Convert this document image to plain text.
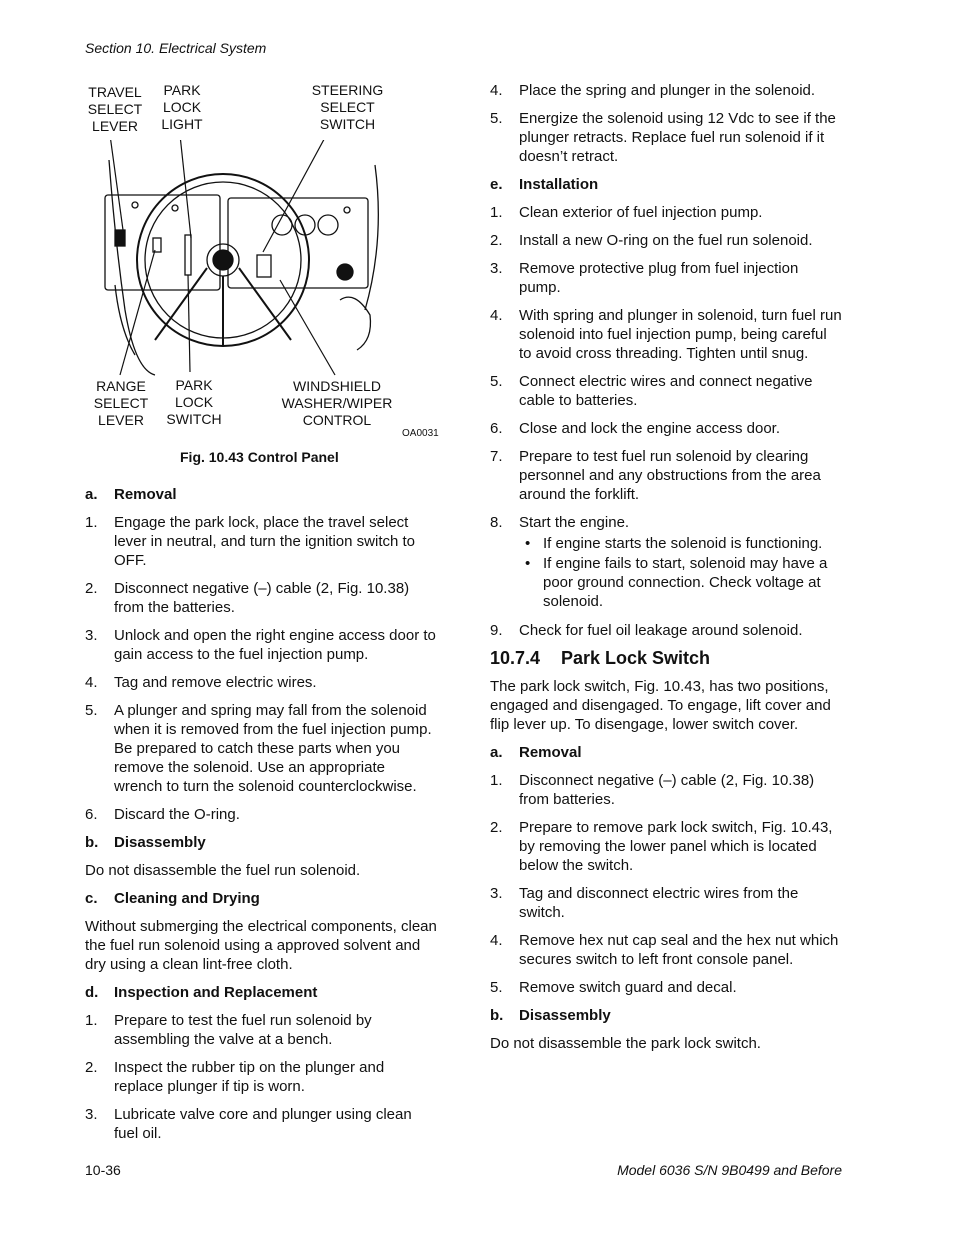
Section 10. Electrical System
TRAVEL
SELECT
LEVER
PARK
LOCK
LIGHT
STEERING
SELECT
SWITCH
RANGE
SELECT
LEVER
PARK
LOCK
SWITCH
WINDSHIELD
WASHER/WIPER
CONTROL
OA0031
Fig. 10.43 Control Panel
a. Removal
1.	Engage the park lock, place the travel select lever in neutral, and turn the ignition switch to OFF.
2.	Disconnect negative (–) cable (2, Fig. 10.38) from the batteries.
3.	Unlock and open the right engine access door to gain access to the fuel injection pump.
4.	Tag and remove electric wires.
5.	A plunger and spring may fall from the solenoid when it is removed from the fuel injection pump. Be prepared to catch these parts when you remove the solenoid. Use an appropriate wrench to turn the solenoid counterclockwise.
6.	Discard the O-ring.
b. Disassembly
Do not disassemble the fuel run solenoid.
c. Cleaning and Drying
Without submerging the electrical components, clean the fuel run solenoid using a approved solvent and dry using a clean lint-free cloth.
d. Inspection and Replacement
1.	Prepare to test the fuel run solenoid by assembling the valve at a bench.
2.	Inspect the rubber tip on the plunger and replace plunger if tip is worn.
3.	Lubricate valve core and plunger using clean fuel oil.
4.	Place the spring and plunger in the solenoid.
5.	Energize the solenoid using 12 Vdc to see if the plunger retracts. Replace fuel run solenoid if it doesn’t retract.
e. Installation
1.	Clean exterior of fuel injection pump.
2.	Install a new O-ring on the fuel run solenoid.
3.	Remove protective plug from fuel injection pump.
4.	With spring and plunger in solenoid, turn fuel run solenoid into fuel injection pump, being careful to avoid cross threading. Tighten until snug.
5.	Connect electric wires and connect negative cable to batteries.
6.	Close and lock the engine access door.
7.	Prepare to test fuel run solenoid by clearing personnel and any obstructions from the area around the forklift.
8.	Start the engine.
• If engine starts the solenoid is functioning.
• If engine fails to start, solenoid may have a poor ground connection. Check voltage at solenoid.
9.	Check for fuel oil leakage around solenoid.
10.7.4 Park Lock Switch
The park lock switch, Fig. 10.43, has two positions, engaged and disengaged. To engage, lift cover and flip lever up. To disengage, lower switch cover.
a. Removal
1.	Disconnect negative (–) cable (2, Fig. 10.38) from batteries.
2.	Prepare to remove park lock switch, Fig. 10.43, by removing the lower panel which is located below the switch.
3.	Tag and disconnect electric wires from the switch.
4.	Remove hex nut cap seal and the hex nut which secures switch to left front console panel.
5.	Remove switch guard and decal.
b. Disassembly
Do not disassemble the park lock switch.
10-36	Model 6036 S/N 9B0499 and Before
